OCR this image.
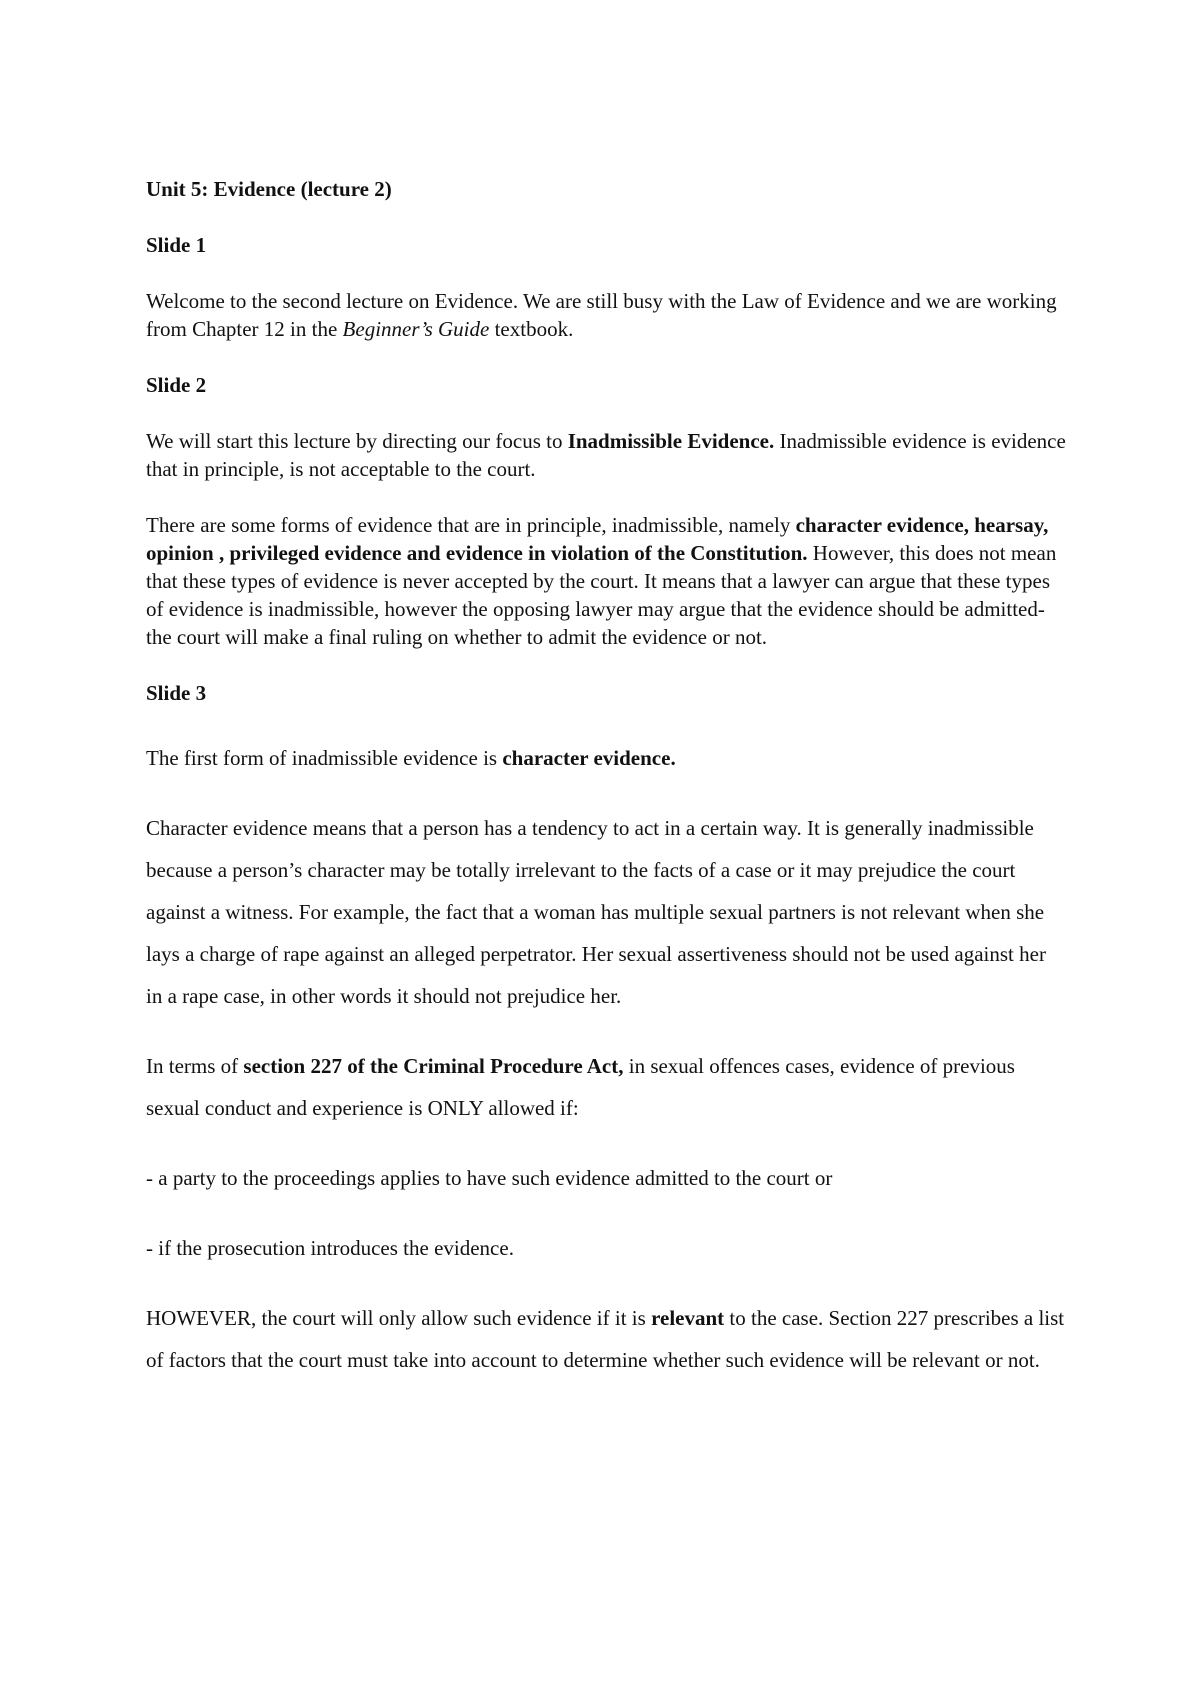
Unit 5: Evidence (lecture 2)

Slide 1

Welcome to the second lecture on Evidence. We are still busy with the Law of Evidence and we are working from Chapter 12 in the Beginner’s Guide textbook.

Slide 2

We will start this lecture by directing our focus to Inadmissible Evidence. Inadmissible evidence is evidence that in principle, is not acceptable to the court.

There are some forms of evidence that are in principle, inadmissible, namely character evidence, hearsay, opinion , privileged evidence and evidence in violation of the Constitution. However, this does not mean that these types of evidence is never accepted by the court. It means that a lawyer can argue that these types of evidence is inadmissible, however the opposing lawyer may argue that the evidence should be admitted-the court will make a final ruling on whether to admit the evidence or not.

Slide 3

The first form of inadmissible evidence is character evidence.

Character evidence means that a person has a tendency to act in a certain way. It is generally inadmissible because a person’s character may be totally irrelevant to the facts of a case or it may prejudice the court against a witness. For example, the fact that a woman has multiple sexual partners is not relevant when she lays a charge of rape against an alleged perpetrator. Her sexual assertiveness should not be used against her in a rape case, in other words it should not prejudice her.

In terms of section 227 of the Criminal Procedure Act, in sexual offences cases, evidence of previous sexual conduct and experience is ONLY allowed if:

- a party to the proceedings applies to have such evidence admitted to the court or

- if the prosecution introduces the evidence.

HOWEVER, the court will only allow such evidence if it is relevant to the case. Section 227 prescribes a list of factors that the court must take into account to determine whether such evidence will be relevant or not.
